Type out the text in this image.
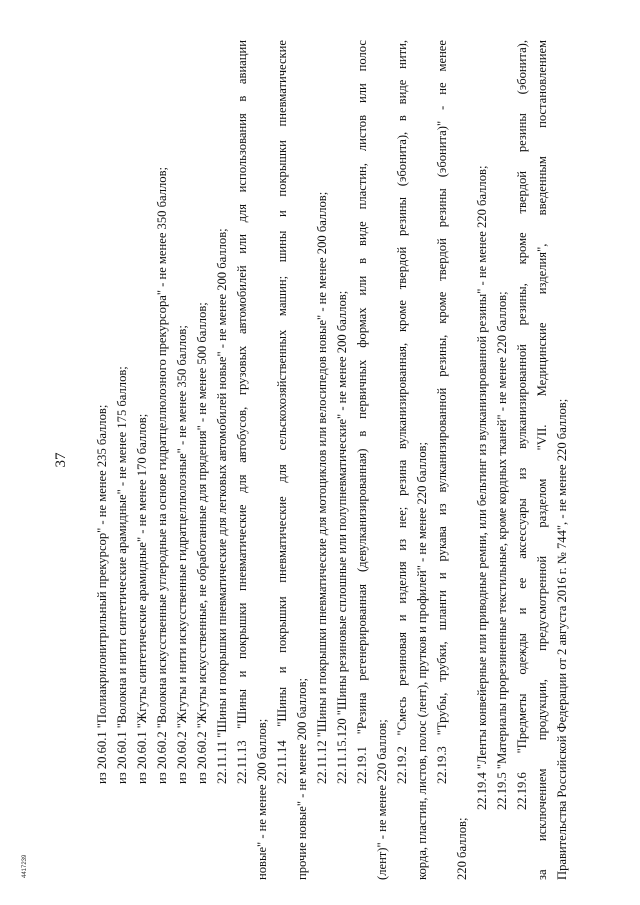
37 из 20.60.1 "Полиакрилонитрильный прекурсор" - не менее 235 баллов; из 20.60.1 "Волокна и нити синтетические арамидные" - не менее 175 баллов; из 20.60.1 "Жгуты синтетические арамидные" - не менее 170 баллов; из 20.60.2 "Волокна искусственные углеродные на основе гидратцеллюлозного прекурсора" - не менее 350 баллов; из 20.60.2 "Жгуты и нити искусственные гидратцеллюлозные" - не менее 350 баллов; из 20.60.2 "Жгуты искусственные, не обработанные для прядения" - не менее 500 баллов; 22.11.11 "Шины и покрышки пневматические для легковых автомобилей новые" - не менее 200 баллов; 22.11.13 "Шины и покрышки пневматические для автобусов, грузовых автомобилей или для использования в авиации
новые" - не менее 200 баллов;
22.11.14 "Шины и покрышки пневматические для сельскохозяйственных машин; шины и покрышки пневматические прочие новые" - не менее 200 баллов; 22.11.12 "Шины и покрышки пневматические для мотоциклов или велосипедов новые" - не менее 200 баллов; 22.11.15.120 "Шины резиновые сплошные или полупневматические" - не менее 200 баллов; 22.19.1 "Резина регенерированная (девулканизированная) в первичных формах или в виде пластин, листов или полос
(лент)" - не менее 220 баллов;
22.19.2 "Смесь резиновая и изделия из нее; резина вулканизированная, кроме твердой резины (эбонита), в виде нити, корда, пластин, листов, полос (лент), прутков и профилей" - не менее 220 баллов; 22.19.3 "Трубы, трубки, шланги и рукава из вулканизированной резины, кроме твердой резины (эбонита)" - не менее
220 баллов;
22.19.4 "Ленты конвейерные или приводные ремни, или бельтинг из вулканизированной резины" - не менее 220 баллов; 22.19.5 "Материалы прорезиненные текстильные, кроме кордных тканей" - не менее 220 баллов; 22.19.6 "Предметы одежды и ее аксессуары из вулканизированной резины, кроме твердой резины (эбонита), за исключением продукции, предусмотренной разделом "VII. Медицинские изделия", введенным постановлением Правительства Российской Федерации от 2 августа 2016 г. № 744", - не менее 220 баллов;
4417239
